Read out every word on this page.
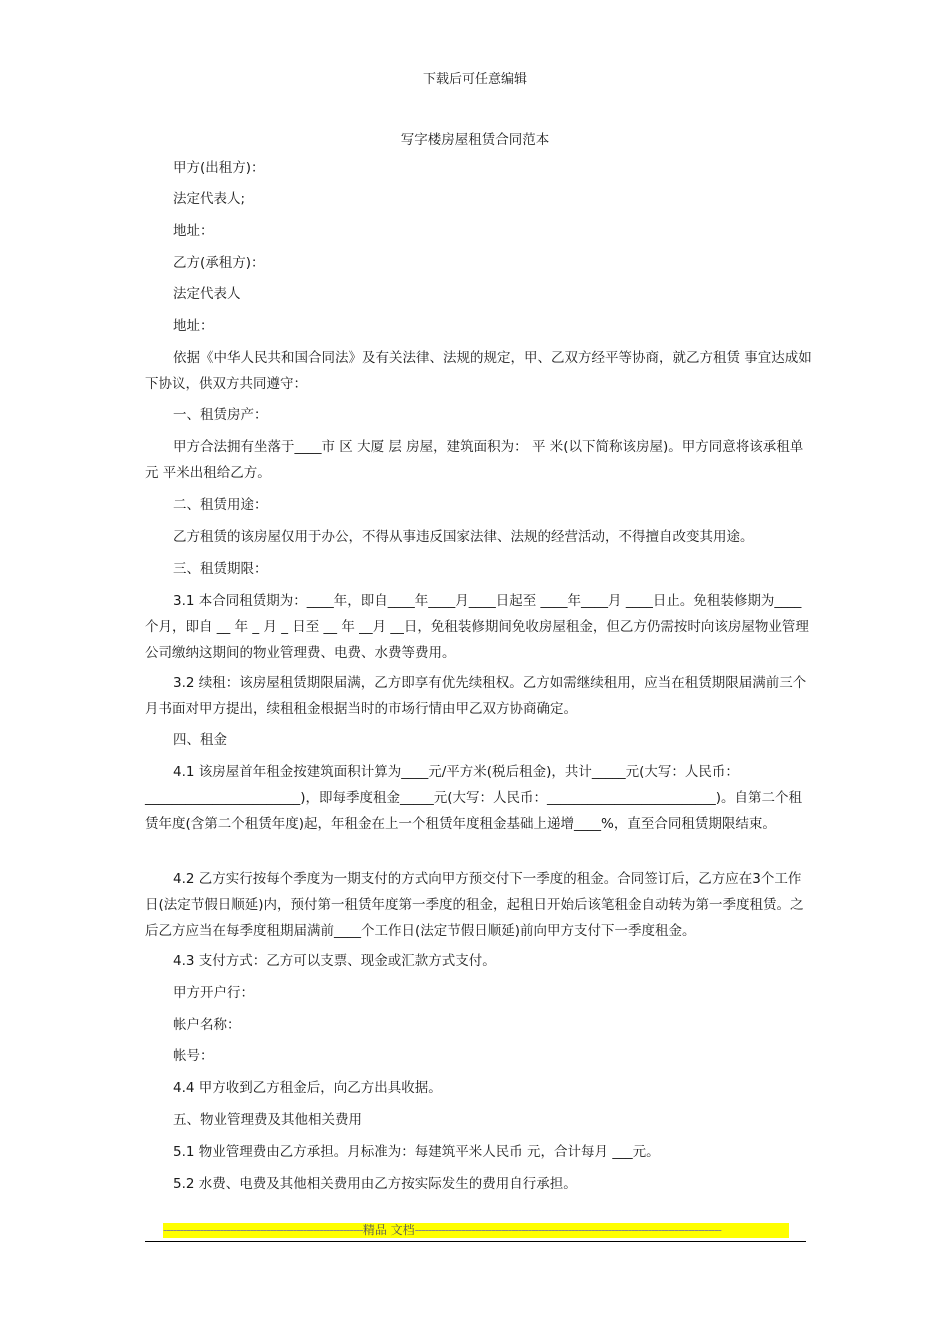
下载后可任意编辑
写字楼房屋租赁合同范本

甲方(出租方)：

法定代表人;

地址：

乙方(承租方)：

法定代表人

地址：

依据《中华人民共和国合同法》及有关法律、法规的规定，甲、乙双方经平等协商，就乙方租赁 事宜达成如下协议，供双方共同遵守：

一、租赁房产：

甲方合法拥有坐落于____市 区 大厦 层 房屋，建筑面积为： 平 米(以下简称该房屋)。甲方同意将该承租单元 平米出租给乙方。

二、租赁用途：

乙方租赁的该房屋仅用于办公，不得从事违反国家法律、法规的经营活动，不得擅自改变其用途。

三、租赁期限：

3.1 本合同租赁期为：____年，即自____年____月____日起至 ____年____月 ____日止。免租装修期为____个月，即自 __ 年 _ 月 _ 日至 __ 年 __月 __日，免租装修期间免收房屋租金，但乙方仍需按时向该房屋物业管理公司缴纳这期间的物业管理费、电费、水费等费用。

3.2 续租：该房屋租赁期限届满，乙方即享有优先续租权。乙方如需继续租用，应当在租赁期限届满前三个月书面对甲方提出，续租租金根据当时的市场行情由甲乙双方协商确定。

四、租金

4.1 该房屋首年租金按建筑面积计算为____元/平方米(税后租金)，共计_____元(大写：人民币：_______________________)，即每季度租金_____元(大写：人民币：_________________________)。自第二个租赁年度(含第二个租赁年度)起，年租金在上一个租赁年度租金基础上递增____%，直至合同租赁期限结束。

4.2 乙方实行按每个季度为一期支付的方式向甲方预交付下一季度的租金。合同签订后，乙方应在3个工作日(法定节假日顺延)内，预付第一租赁年度第一季度的租金，起租日开始后该笔租金自动转为第一季度租赁。之后乙方应当在每季度租期届满前____个工作日(法定节假日顺延)前向甲方支付下一季度租金。

4.3 支付方式：乙方可以支票、现金或汇款方式支付。

甲方开户行：

帐户名称：

帐号：

4.4 甲方收到乙方租金后，向乙方出具收据。

五、物业管理费及其他相关费用

5.1 物业管理费由乙方承担。月标准为：每建筑平米人民币 元，合计每月 ___元。

5.2 水费、电费及其他相关费用由乙方按实际发生的费用自行承担。

------------------------------------------------------------精品 文档--------------------------------------------------------------------------------------------
